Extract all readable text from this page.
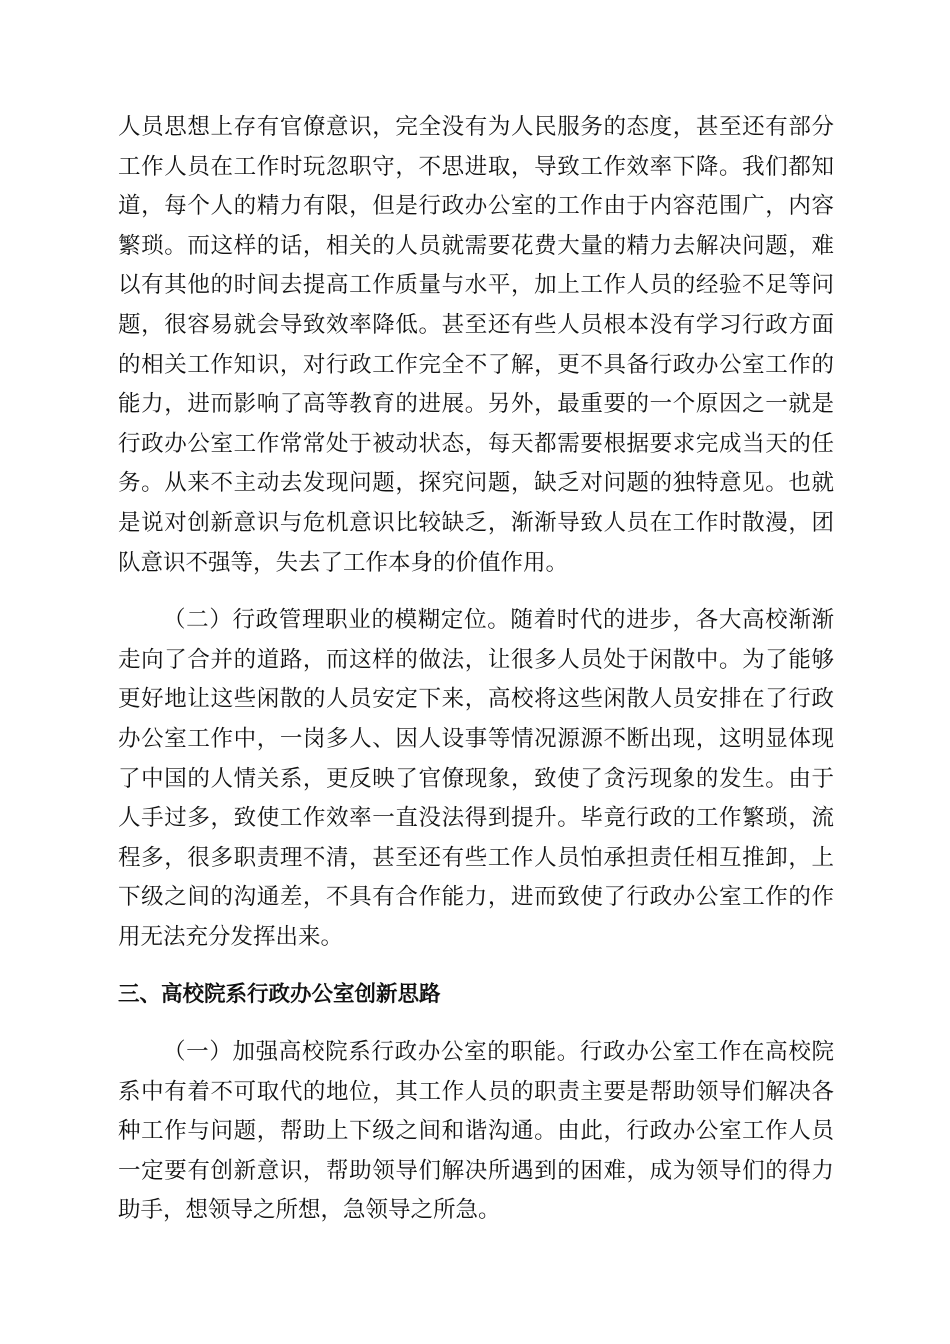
人员思想上存有官僚意识，完全没有为人民服务的态度，甚至还有部分工作人员在工作时玩忽职守，不思进取，导致工作效率下降。我们都知道，每个人的精力有限，但是行政办公室的工作由于内容范围广，内容繁琐。而这样的话，相关的人员就需要花费大量的精力去解决问题，难以有其他的时间去提高工作质量与水平，加上工作人员的经验不足等问题，很容易就会导致效率降低。甚至还有些人员根本没有学习行政方面的相关工作知识，对行政工作完全不了解，更不具备行政办公室工作的能力，进而影响了高等教育的进展。另外，最重要的一个原因之一就是行政办公室工作常常处于被动状态，每天都需要根据要求完成当天的任务。从来不主动去发现问题，探究问题，缺乏对问题的独特意见。也就是说对创新意识与危机意识比较缺乏，渐渐导致人员在工作时散漫，团队意识不强等，失去了工作本身的价值作用。

（二）行政管理职业的模糊定位。随着时代的进步，各大高校渐渐走向了合并的道路，而这样的做法，让很多人员处于闲散中。为了能够更好地让这些闲散的人员安定下来，高校将这些闲散人员安排在了行政办公室工作中，一岗多人、因人设事等情况源源不断出现，这明显体现了中国的人情关系，更反映了官僚现象，致使了贪污现象的发生。由于人手过多，致使工作效率一直没法得到提升。毕竟行政的工作繁琐，流程多，很多职责理不清，甚至还有些工作人员怕承担责任相互推卸，上下级之间的沟通差，不具有合作能力，进而致使了行政办公室工作的作用无法充分发挥出来。

三、高校院系行政办公室创新思路

（一）加强高校院系行政办公室的职能。行政办公室工作在高校院系中有着不可取代的地位，其工作人员的职责主要是帮助领导们解决各种工作与问题，帮助上下级之间和谐沟通。由此，行政办公室工作人员一定要有创新意识，帮助领导们解决所遇到的困难，成为领导们的得力助手，想领导之所想，急领导之所急。
